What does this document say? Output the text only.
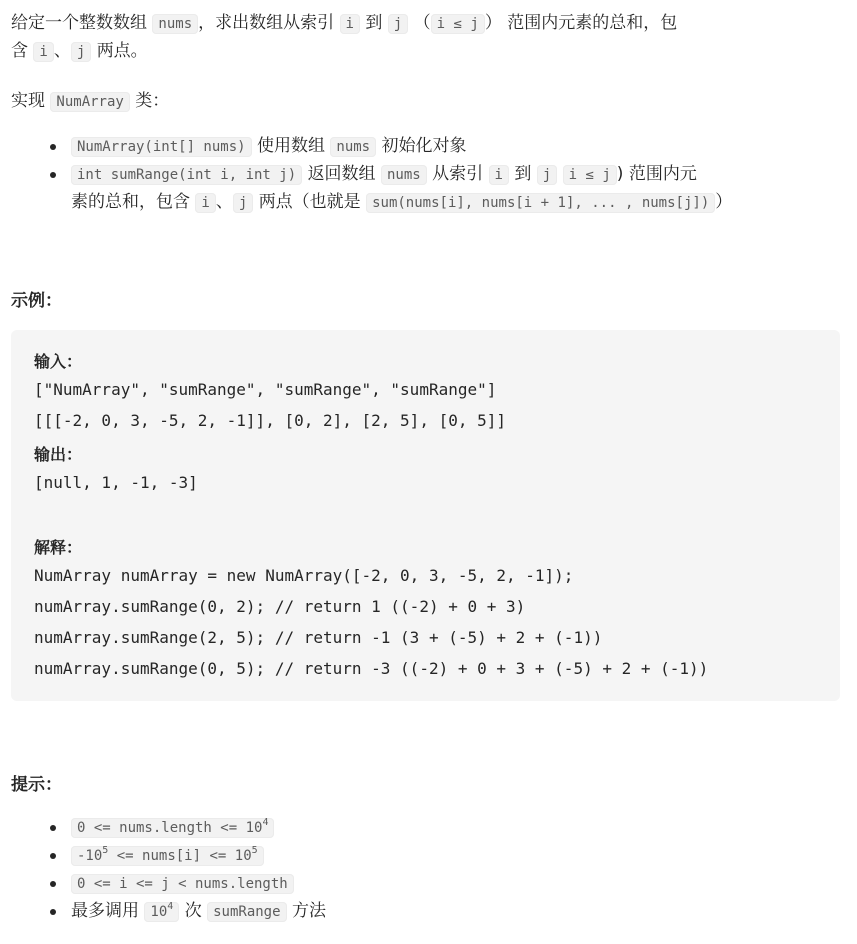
给定一个整数数组 nums ，求出数组从索引 i 到 j （ i ≤ j ） 范围内元素的总和，包
含 i 、 j 两点。

实现 NumArray 类：

NumArray(int[] nums) 使用数组 nums 初始化对象
int sumRange(int i, int j) 返回数组 nums 从索引 i 到 j i ≤ j ) 范围内元
素的总和，包含 i 、 j 两点（也就是 sum(nums[i], nums[i + 1], ... , nums[j]) ）
示例：
输入：
["NumArray", "sumRange", "sumRange", "sumRange"]
[[[-2, 0, 3, -5, 2, -1]], [0, 2], [2, 5], [0, 5]]
输出：
[null, 1, -1, -3]
解释：
NumArray numArray = new NumArray([-2, 0, 3, -5, 2, -1]);
numArray.sumRange(0, 2); // return 1 ((-2) + 0 + 3)
numArray.sumRange(2, 5); // return -1 (3 + (-5) + 2 + (-1))
numArray.sumRange(0, 5); // return -3 ((-2) + 0 + 3 + (-5) + 2 + (-1))
提示：
0 <= nums.length <= $10^4$
$-10^5$ <= nums[i] <= $10^5$
0 <= i <= j < nums.length
最多调用 $10^4$ 次 sumRange 方法
